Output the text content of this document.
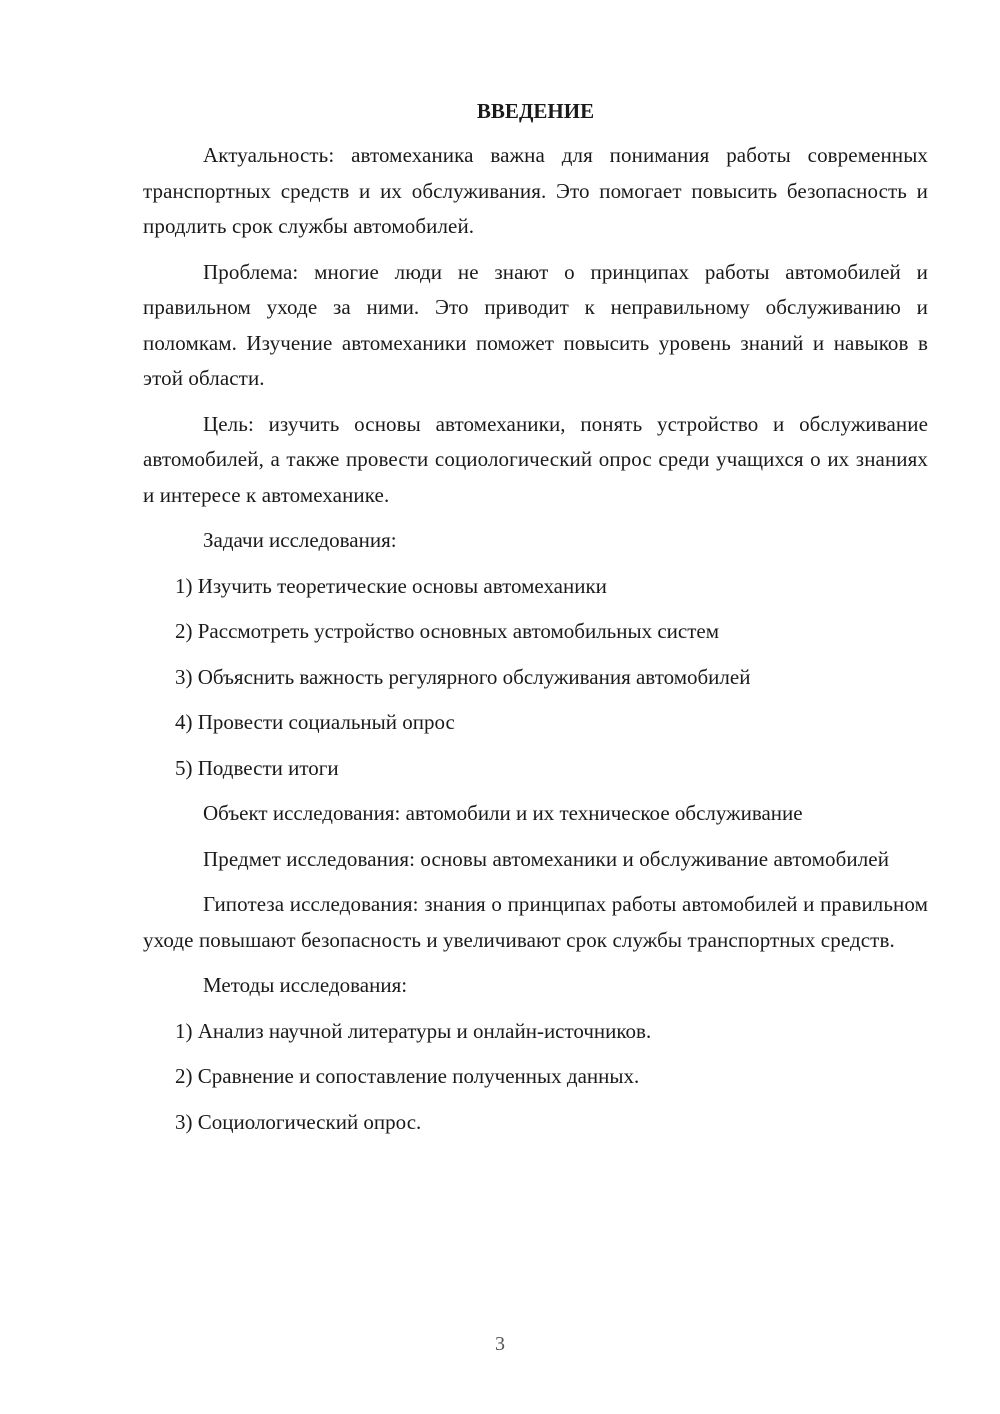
ВВЕДЕНИЕ

Актуальность: автомеханика важна для понимания работы современных транспортных средств и их обслуживания. Это помогает повысить безопасность и продлить срок службы автомобилей.

Проблема: многие люди не знают о принципах работы автомобилей и правильном уходе за ними. Это приводит к неправильному обслуживанию и поломкам. Изучение автомеханики поможет повысить уровень знаний и навыков в этой области.

Цель: изучить основы автомеханики, понять устройство и обслуживание автомобилей, а также провести социологический опрос среди учащихся о их знаниях и интересе к автомеханике.

Задачи исследования:

1) Изучить теоретические основы автомеханики

2) Рассмотреть устройство основных автомобильных систем

3) Объяснить важность регулярного обслуживания автомобилей

4) Провести социальный опрос

5) Подвести итоги

Объект исследования: автомобили и их техническое обслуживание

Предмет исследования: основы автомеханики и обслуживание автомобилей

Гипотеза исследования: знания о принципах работы автомобилей и правильном уходе повышают безопасность и увеличивают срок службы транспортных средств.

Методы исследования:

1) Анализ научной литературы и онлайн-источников.

2) Сравнение и сопоставление полученных данных.

3) Социологический опрос.

3
